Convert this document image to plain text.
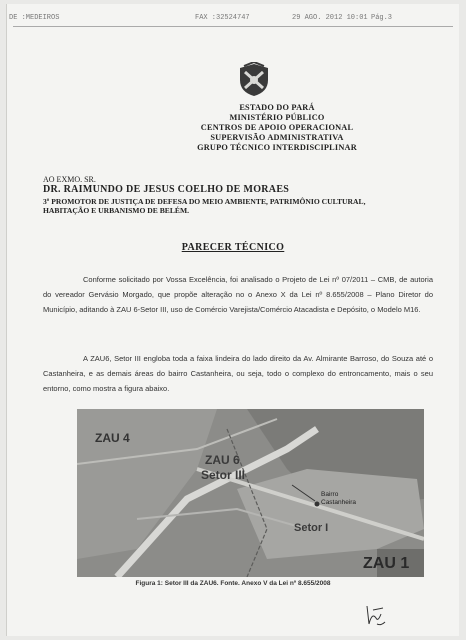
DE :MEDEIROS	FAX :32524747	29 AGO. 2012 10:01 Pág.3
ESTADO DO PARÁ
MINISTÉRIO PÚBLICO
CENTROS DE APOIO OPERACIONAL
SUPERVISÃO ADMINISTRATIVA
GRUPO TÉCNICO INTERDISCIPLINAR
AO EXMO. SR.
DR. RAIMUNDO DE JESUS COELHO DE MORAES
3º PROMOTOR DE JUSTIÇA DE DEFESA DO MEIO AMBIENTE, PATRIMÔNIO CULTURAL,
HABITAÇÃO E URBANISMO DE BELÉM.
PARECER TÉCNICO

Conforme solicitado por Vossa Excelência, foi analisado o Projeto de Lei nº 07/2011 – CMB, de autoria do vereador Gervásio Morgado, que propõe alteração no o Anexo X da Lei nº 8.655/2008 – Plano Diretor do Município, aditando à ZAU 6-Setor III, uso de Comércio Varejista/Comércio Atacadista e Depósito, o Modelo M16.

A ZAU6, Setor III engloba toda a faixa lindeira do lado direito da Av. Almirante Barroso, do Souza até o Castanheira, e as demais áreas do bairro Castanheira, ou seja, todo o complexo do entroncamento, mais o seu entorno, como mostra a figura abaixo.

ZAU 4
ZAU 6
Setor III
Setor I
Bairro
Castanheira
ZAU 1
Figura 1: Setor III da ZAU6. Fonte. Anexo V da Lei nº 8.655/2008
